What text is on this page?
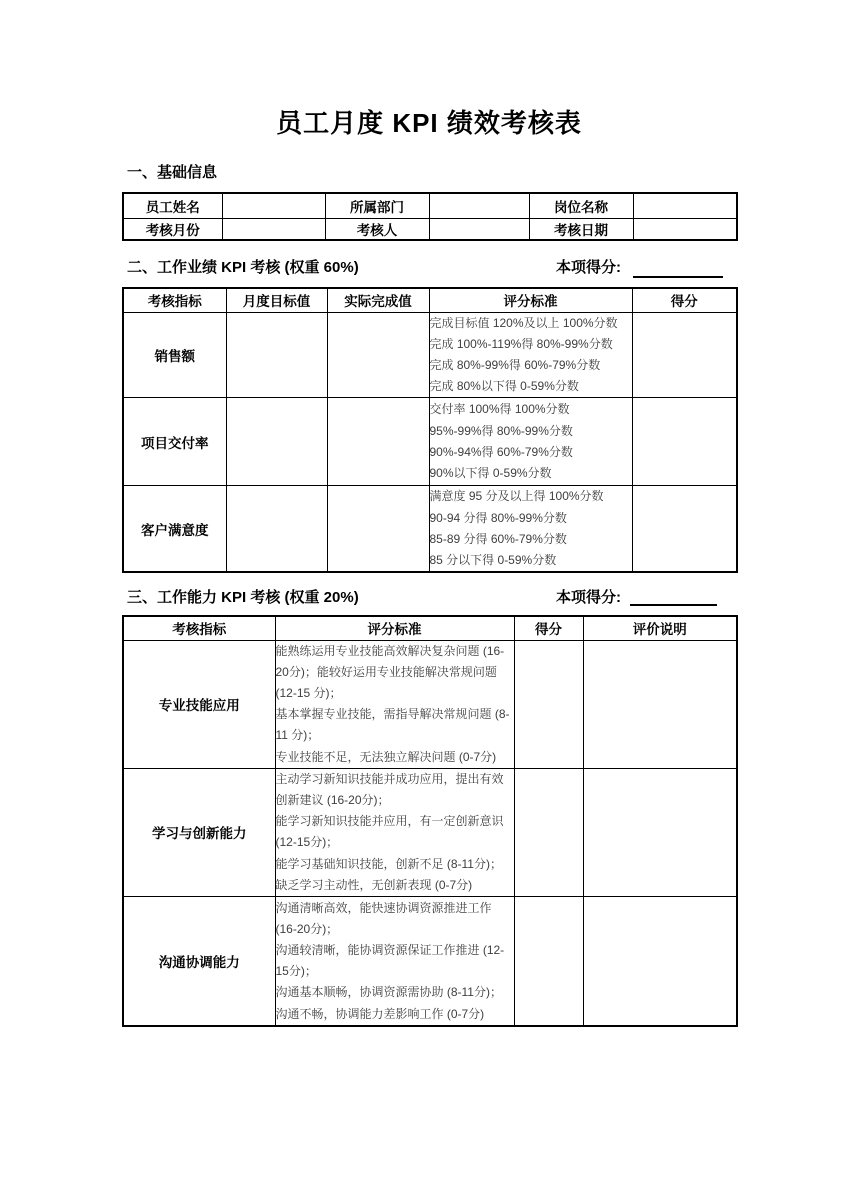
员工月度 KPI 绩效考核表
一、基础信息
员工姓名		所属部门		岗位名称	
考核月份		考核人		考核日期	
二、工作业绩 KPI 考核 (权重 60%)	本项得分:
考核指标	月度目标值	实际完成值	评分标准	得分
销售额			完成目标值 120%及以上 100%分数
完成 100%-119%得 80%-99%分数
完成 80%-99%得 60%-79%分数
完成 80%以下得 0-59%分数	

项目交付率			交付率 100%得 100%分数
95%-99%得 80%-99%分数
90%-94%得 60%-79%分数
90%以下得 0-59%分数	

客户满意度			满意度 95 分及以上得 100%分数
90-94 分得 80%-99%分数
85-89 分得 60%-79%分数
85 分以下得 0-59%分数	

三、工作能力 KPI 考核 (权重 20%)	本项得分:
考核指标	评分标准	得分	评价说明
专业技能应用	能熟练运用专业技能高效解决复杂问题 (16-20分)；能较好运用专业技能解决常规问题 (12-15 分)；
基本掌握专业技能，需指导解决常规问题 (8-11 分)；
专业技能不足，无法独立解决问题 (0-7分)		

学习与创新能力	主动学习新知识技能并成功应用，提出有效创新建议 (16-20分)；
能学习新知识技能并应用，有一定创新意识 (12-15分)；
能学习基础知识技能，创新不足 (8-11分)；
缺乏学习主动性，无创新表现 (0-7分)		

沟通协调能力	沟通清晰高效，能快速协调资源推进工作 (16-20分)；
沟通较清晰，能协调资源保证工作推进 (12-15分)；
沟通基本顺畅，协调资源需协助 (8-11分)；
沟通不畅，协调能力差影响工作 (0-7分)		
